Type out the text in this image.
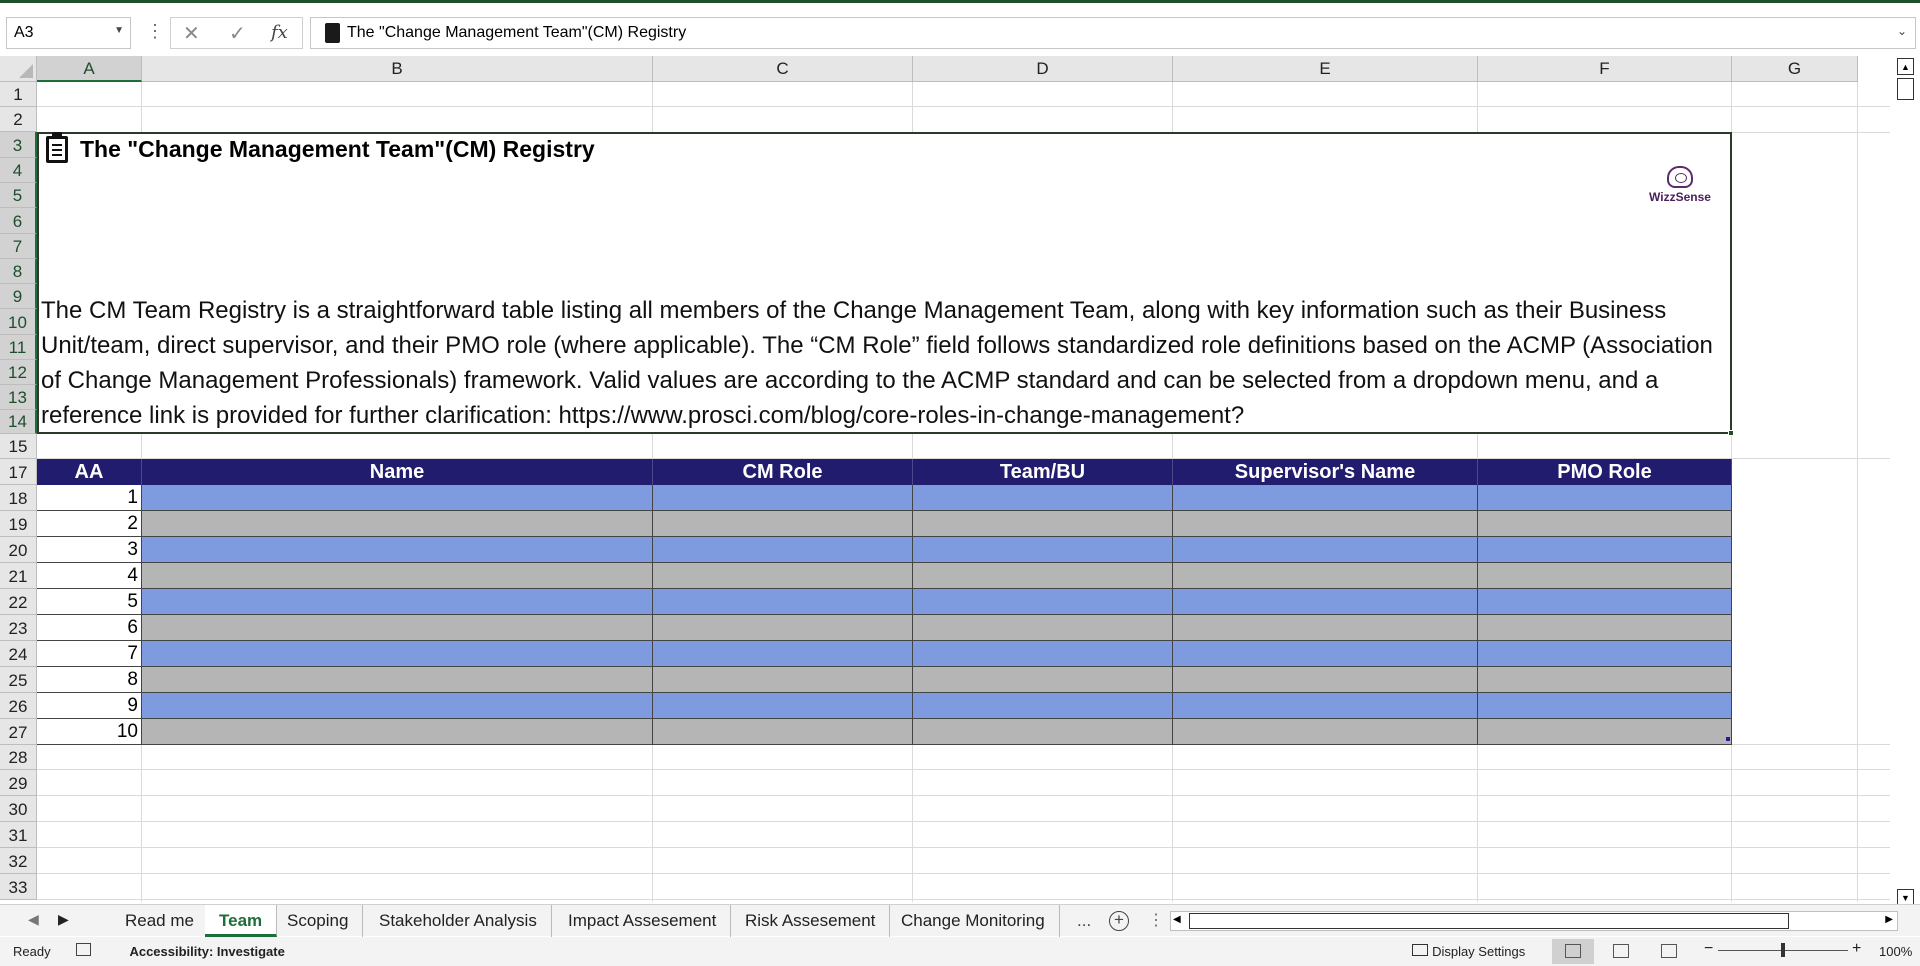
A3	▼ ⋮ ✕ ✓ fx	The "Change Management Team"(CM) Registry	⌄
A	B	C	D	E	F	G
1
2
3
4
5
6
7
8
9
10
11
12
13
14
15
17
18
19
20
21
22
23
24
25
26
27
28
29
30
31
32
33
The "Change Management Team"(CM) Registry
WizzSense
The CM Team Registry is a straightforward table listing all members of the Change Management Team, along with key information such as their Business Unit/team, direct supervisor, and their PMO role (where applicable). The “CM Role” field follows standardized role definitions based on the ACMP (Association of Change Management Professionals) framework. Valid values are according to the ACMP standard and can be selected from a dropdown menu, and a reference link is provided for further clarification: https://www.prosci.com/blog/core-roles-in-change-management?
AA	Name	CM Role	Team/BU	Supervisor's Name	PMO Role
1
2
3
4
5
6
7
8
9
10
▲
▼
◀ ▶	Read me	Team	Scoping	Stakeholder Analysis	Impact Assesement	Risk Assesement	Change Monitoring	... +	⋮ ◀	▶
Ready	Accessibility: Investigate	Display Settings	−	+ 100%
